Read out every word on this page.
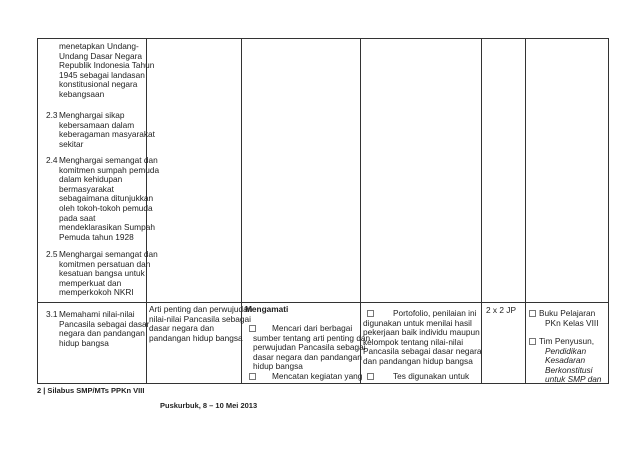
menetapkan Undang-
Undang Dasar Negara
Republik Indonesia Tahun
1945 sebagai landasan
konstitusional negara
kebangsaan
2.3 Menghargai sikap
kebersamaan dalam
keberagaman masyarakat
sekitar
2.4 Menghargai semangat dan
komitmen sumpah pemuda
dalam kehidupan
bermasyarakat
sebagaimana ditunjukkan
oleh tokoh-tokoh pemuda
pada saat
mendeklarasikan Sumpah
Pemuda tahun 1928
2.5 Menghargai semangat dan
komitmen persatuan dan
kesatuan bangsa untuk
memperkuat dan
memperkokoh NKRI
3.1 Memahami nilai-nilai
Pancasila sebagai dasar
negara dan pandangan
hidup bangsa
Arti penting dan perwujudan
nilai-nilai Pancasila sebagai
dasar negara dan
pandangan hidup bangsa
Mengamati
Mencari dari berbagai
sumber tentang arti penting dan
perwujudan Pancasila sebagai
dasar negara dan pandangan
hidup bangsa
Mencatan kegiatan yang
Portofolio, penilaian ini
digunakan untuk menilai hasil
pekerjaan baik individu maupun
kelompok tentang nilai-nilai
Pancasila sebagai dasar negara
dan pandangan hidup bangsa
Tes digunakan untuk
2 x 2 JP	Buku Pelajaran
PKn Kelas VIII
Tim Penyusun,
Pendidikan
Kesadaran
Berkonstitusi
untuk SMP dan
2 | Silabus SMP/MTs PPKn VIII
Puskurbuk, 8 – 10 Mei 2013
